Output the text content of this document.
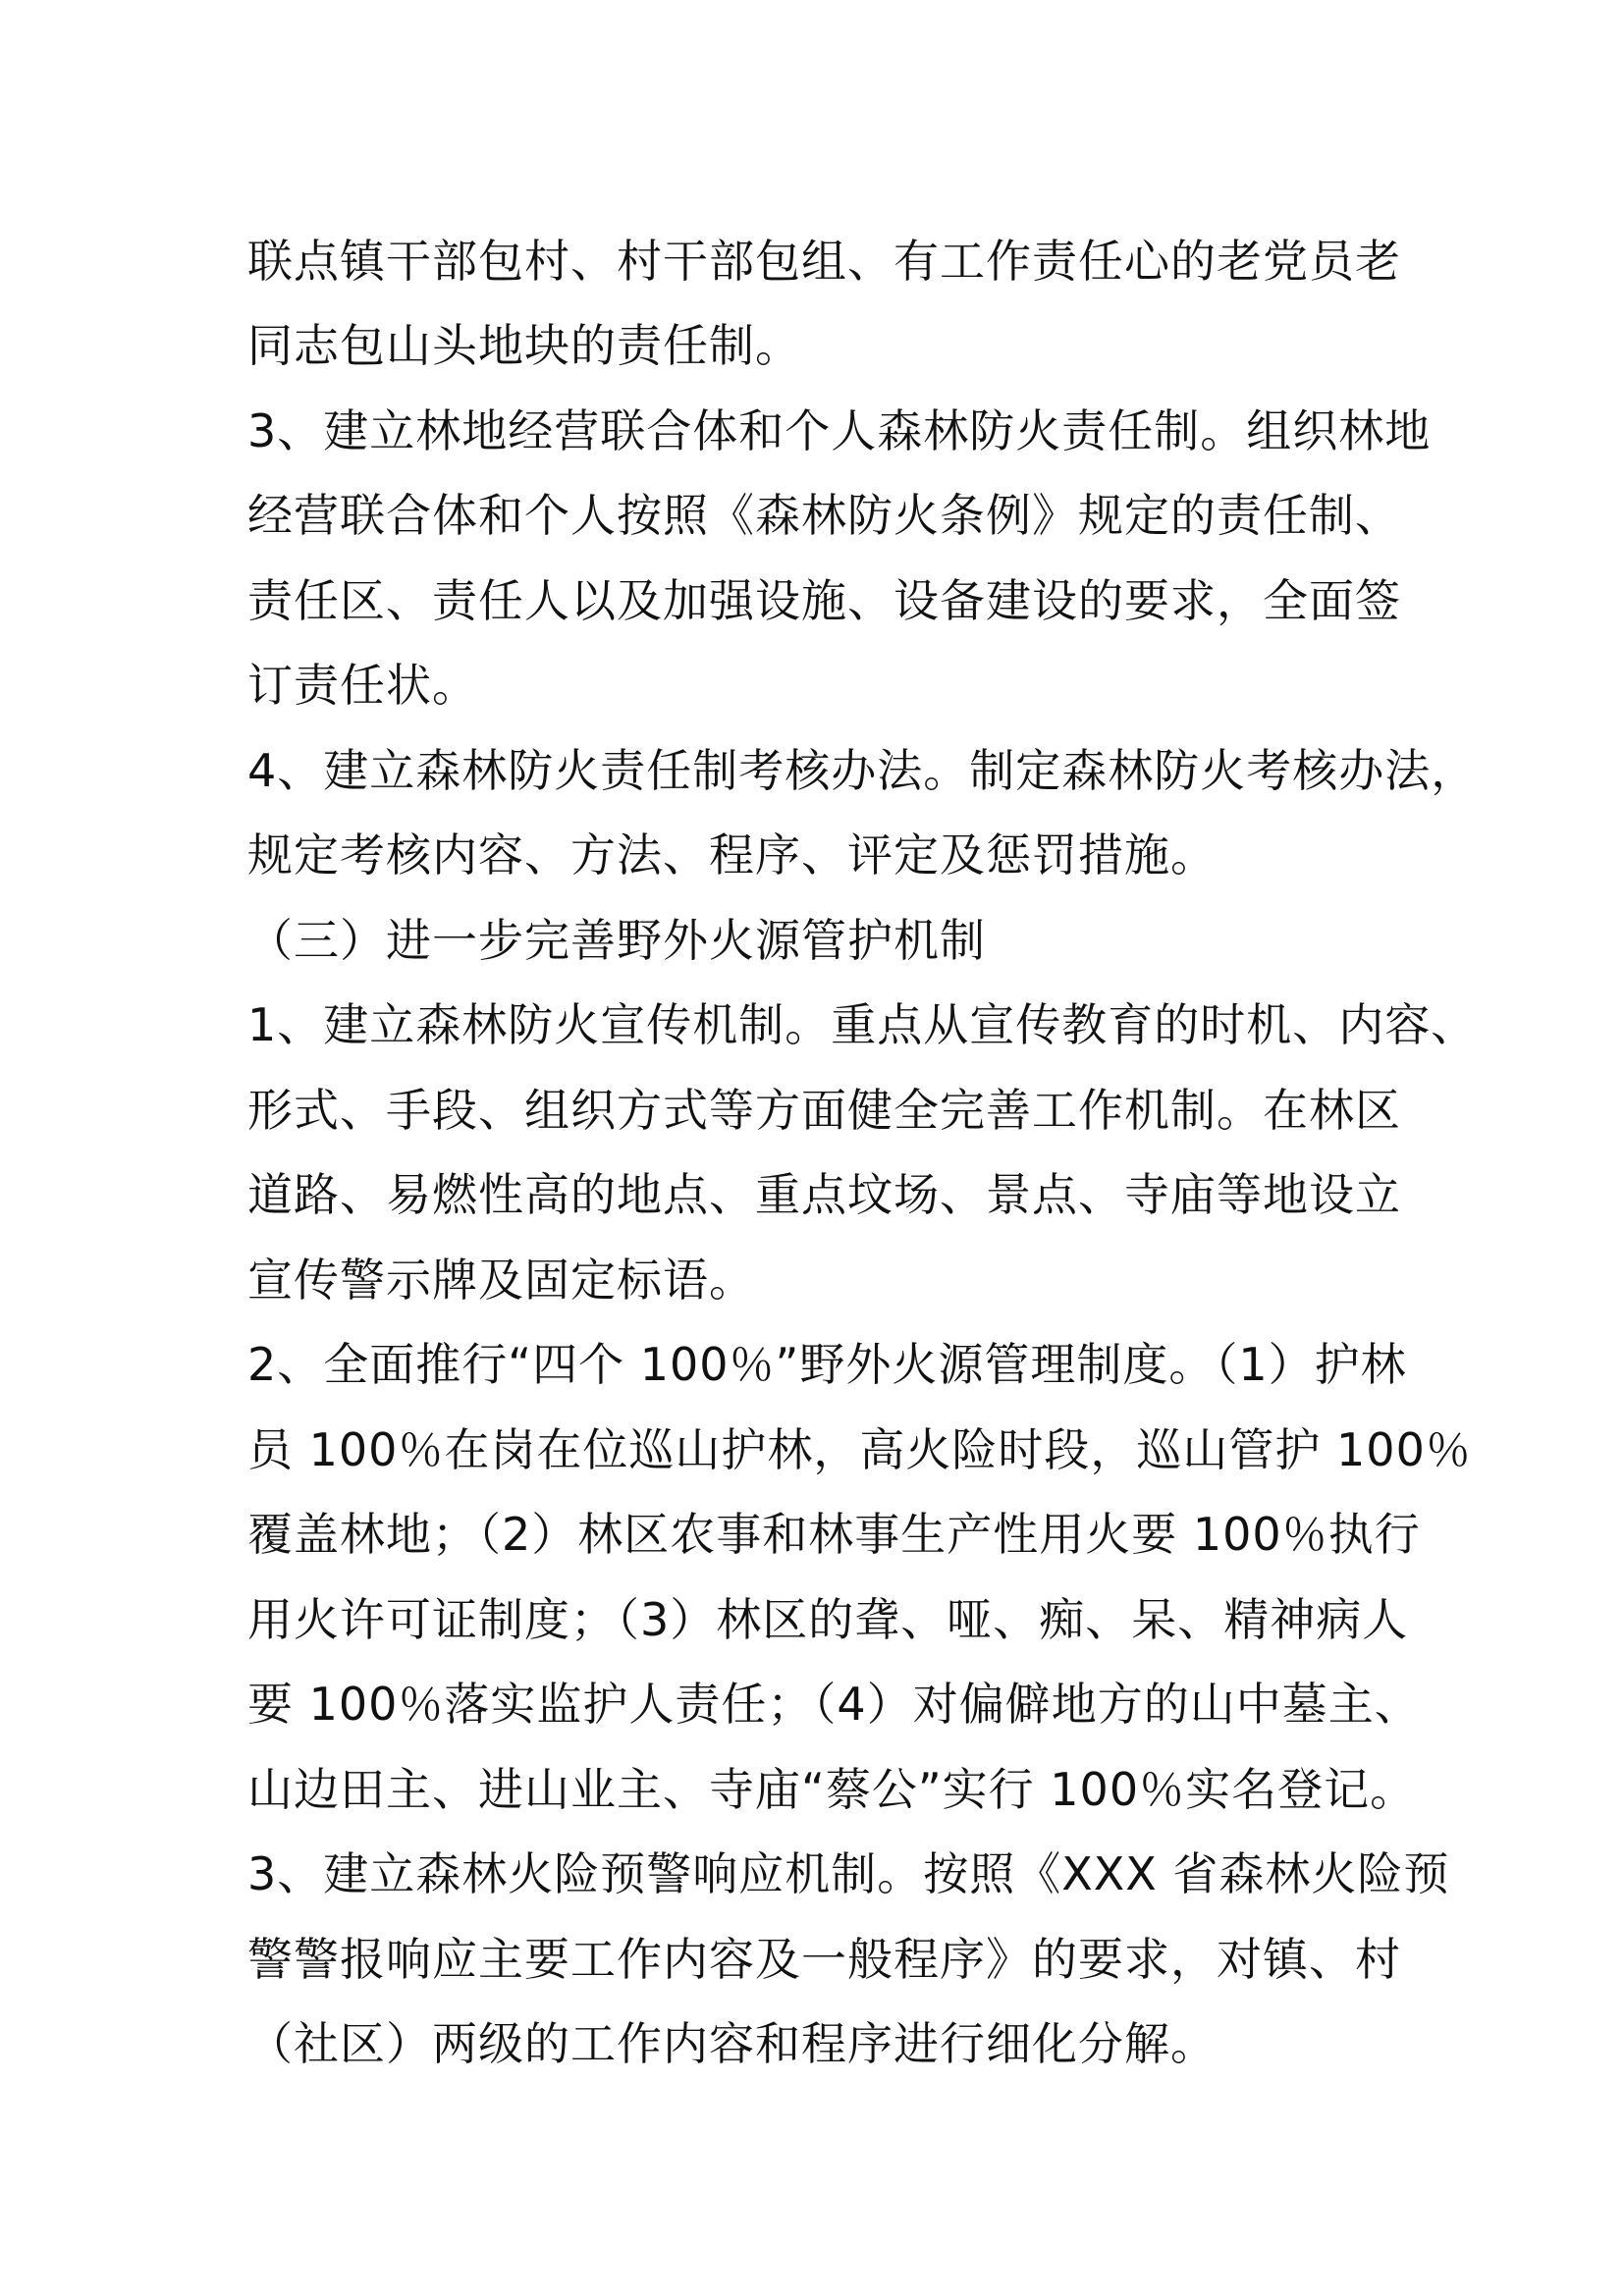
联点镇干部包村、村干部包组、有工作责任心的老党员老
同志包山头地块的责任制。
3、建立林地经营联合体和个人森林防火责任制。组织林地
经营联合体和个人按照《森林防火条例》规定的责任制、
责任区、责任人以及加强设施、设备建设的要求，全面签
订责任状。
4、建立森林防火责任制考核办法。制定森林防火考核办法，
规定考核内容、方法、程序、评定及惩罚措施。
（三）进一步完善野外火源管护机制
1、建立森林防火宣传机制。重点从宣传教育的时机、内容、
形式、手段、组织方式等方面健全完善工作机制。在林区
道路、易燃性高的地点、重点坟场、景点、寺庙等地设立
宣传警示牌及固定标语。
2、全面推行“四个 100％”野外火源管理制度。（1）护林
员 100％在岗在位巡山护林，高火险时段，巡山管护 100％
覆盖林地；（2）林区农事和林事生产性用火要 100％执行
用火许可证制度；（3）林区的聋、哑、痴、呆、精神病人
要 100％落实监护人责任；（4）对偏僻地方的山中墓主、
山边田主、进山业主、寺庙“蔡公”实行 100％实名登记。
3、建立森林火险预警响应机制。按照《XXX 省森林火险预
警警报响应主要工作内容及一般程序》的要求，对镇、村
（社区）两级的工作内容和程序进行细化分解。
